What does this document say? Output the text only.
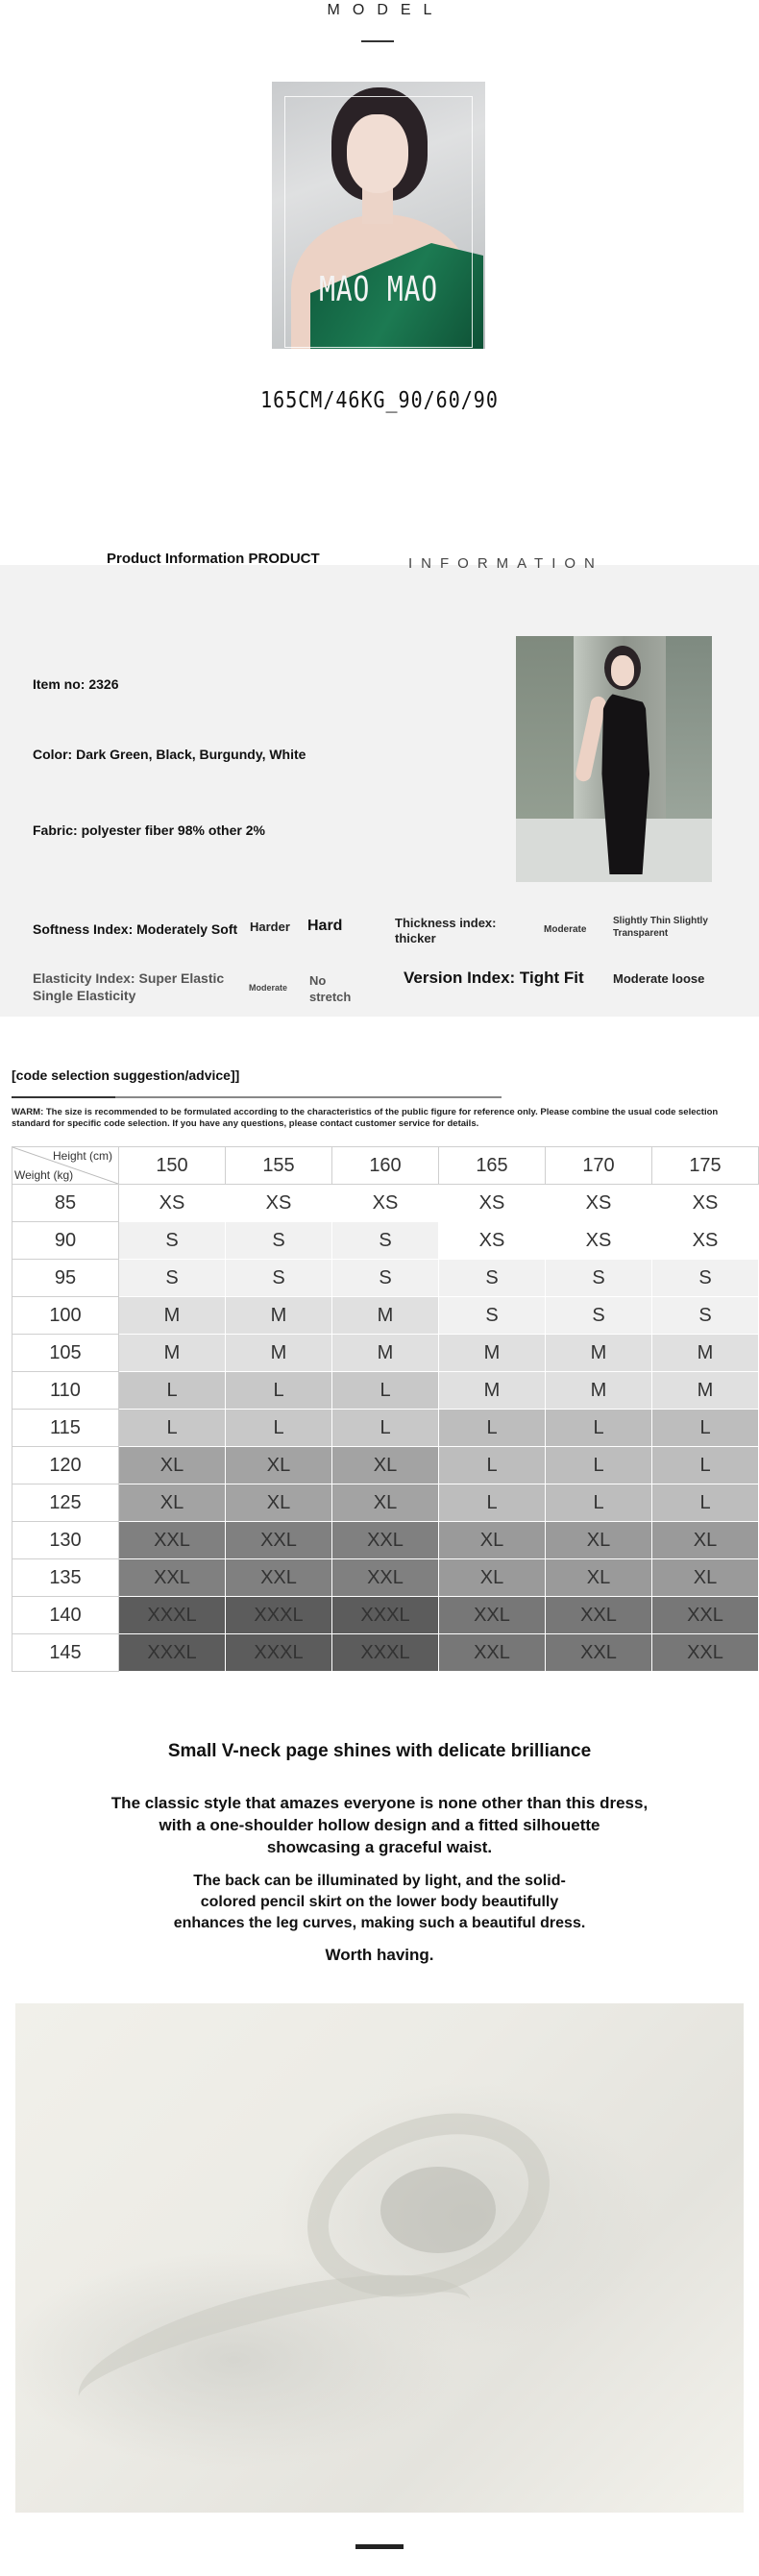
MODEL
MAO MAO
165CM/46KG_90/60/90
Product Information PRODUCT	INFORMATION
Item no: 2326
Color: Dark Green, Black, Burgundy, White
Fabric: polyester fiber 98% other 2%
Softness Index: Moderately Soft Harder Hard	Thickness index: thicker
Moderate
Slightly Thin Slightly Transparent
Elasticity Index: Super Elastic Single Elasticity	Moderate No stretch
Version Index: Tight Fit Moderate loose
[code selection suggestion/advice]]
WARM: The size is recommended to be formulated according to the characteristics of the public figure for reference only. Please combine the usual code selection standard for specific code selection. If you have any questions, please contact customer service for details.
Height (cm)
Weight (kg)	150	155	160	165	170	175
85	XS	XS	XS	XS	XS	XS
90	S	S	S	XS	XS	XS
95	S	S	S	S	S	S
100	M	M	M	S	S	S
105	M	M	M	M	M	M
110	L	L	L	M	M	M
115	L	L	L	L	L	L
120	XL	XL	XL	L	L	L
125	XL	XL	XL	L	L	L
130	XXL	XXL	XXL	XL	XL	XL
135	XXL	XXL	XXL	XL	XL	XL
140	XXXL	XXXL	XXXL	XXL	XXL	XXL
145	XXXL	XXXL	XXXL	XXL	XXL	XXL
Small V-neck page shines with delicate brilliance
The classic style that amazes everyone is none other than this dress,
with a one-shoulder hollow design and a fitted silhouette
showcasing a graceful waist.
The back can be illuminated by light, and the solid-
colored pencil skirt on the lower body beautifully
enhances the leg curves, making such a beautiful dress.
Worth having.
